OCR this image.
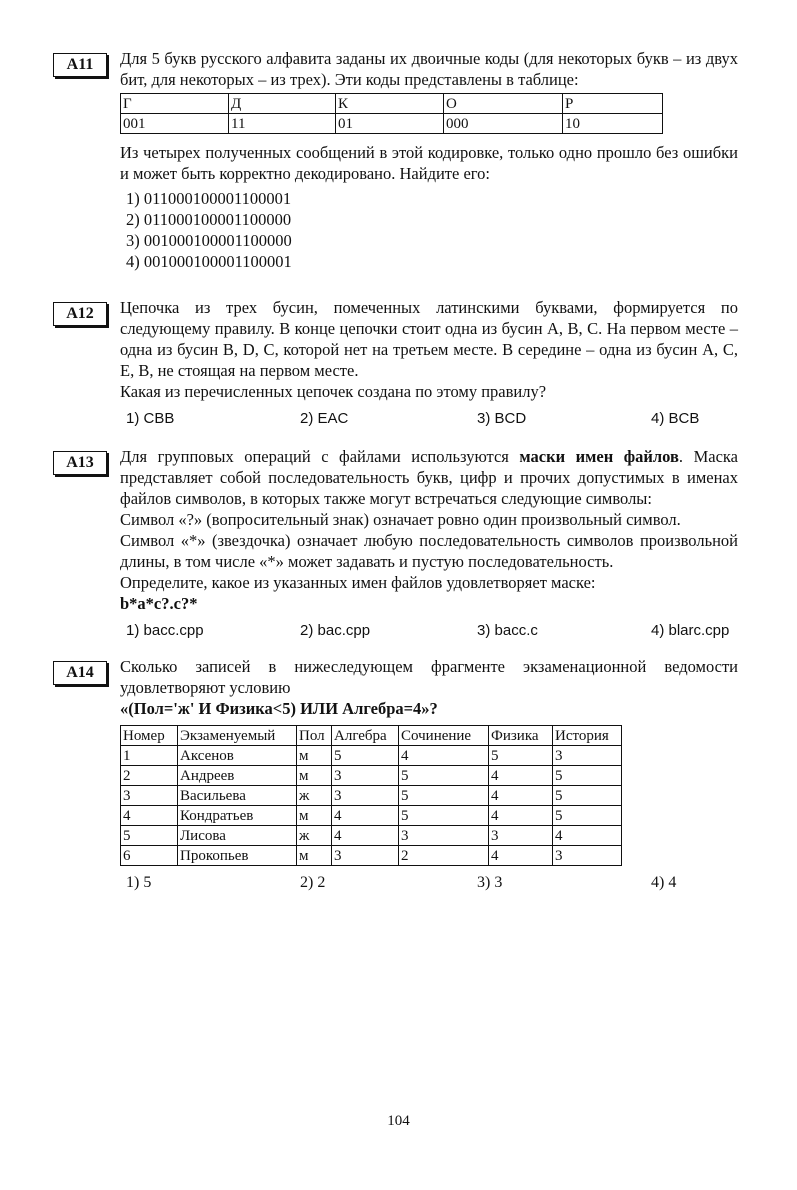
A11	Для 5 букв русского алфавита заданы их двоичные коды (для некоторых букв – из двух бит, для некоторых – из трех). Эти коды представлены в таблице:

Г	Д	К	О	Р
001	11	01	000	10

Из четырех полученных сообщений в этой кодировке, только одно прошло без ошибки и может быть корректно декодировано. Найдите его:

1) 011000100001100001
2) 011000100001100000
3) 001000100001100000
4) 001000100001100001
A12	Цепочка из трех бусин, помеченных латинскими буквами, формируется по следующему правилу. В конце цепочки стоит одна из бусин A, B, C. На первом месте – одна из бусин B, D, C, которой нет на третьем месте. В середине – одна из бусин A, C, E, B, не стоящая на первом месте.

Какая из перечисленных цепочек создана по этому правилу?

1) CBB	2) EAC	3) BCD	4) BCB
A13	Для групповых операций с файлами используются маски имен файлов. Маска представляет собой последовательность букв, цифр и прочих допустимых в именах файлов символов, в которых также могут встречаться следующие символы:

Символ «?» (вопросительный знак) означает ровно один произвольный символ.

Символ «*» (звездочка) означает любую последовательность символов произвольной длины, в том числе «*» может задавать и пустую последовательность.

Определите, какое из указанных имен файлов удовлетворяет маске:

b*a*c?.c?*
1) bacc.cpp	2) bac.cpp	3) bacc.c	4) blarc.cpp
A14	Сколько записей в нижеследующем фрагменте экзаменационной ведомости удовлетворяют условию

«(Пол='ж' И Физика<5) ИЛИ Алгебра=4»?
Номер	Экзаменуемый	Пол	Алгебра	Сочинение	Физика	История
1	Аксенов	м	5	4	5	3
2	Андреев	м	3	5	4	5
3	Васильева	ж	3	5	4	5
4	Кондратьев	м	4	5	4	5
5	Лисова	ж	4	3	3	4
6	Прокопьев	м	3	2	4	3
1) 5	2) 2	3) 3	4) 4
104
